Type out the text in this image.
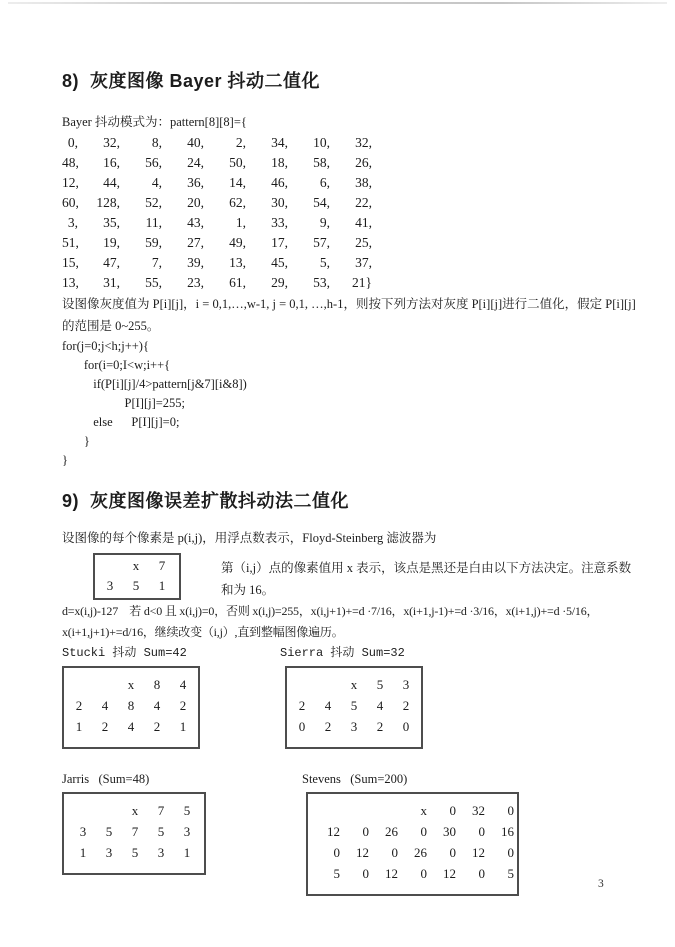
8)  灰度图像 Bayer 抖动二值化
Bayer 抖动模式为：pattern[8][8]={
0, 32, 8, 40, 2, 34, 10, 32,
48, 16, 56, 24, 50, 18, 58, 26,
12, 44, 4, 36, 14, 46, 6, 38,
60, 128, 52, 20, 62, 30, 54, 22,
3, 35, 11, 43, 1, 33, 9, 41,
51, 19, 59, 27, 49, 17, 57, 25,
15, 47, 7, 39, 13, 45, 5, 37,
13, 31, 55, 23, 61, 29, 53, 21}
设图像灰度值为 P[i][j]，i = 0,1,…,w-1, j = 0,1, …,h-1，则按下列方法对灰度 P[i][j]进行二值化，假定 P[i][j]
的范围是 0~255。
for(j=0;j<h;j++){
for(i=0;I<w;i++{
if(P[i][j]/4>pattern[j&7][i&8])
P[I][j]=255;
else      P[I][j]=0;
}
}
9)  灰度图像误差扩散抖动法二值化
设图像的每个像素是 p(i,j)，用浮点数表示，Floyd-Steinberg 滤波器为
x 7
3 5 1
第（i,j）点的像素值用 x 表示，该点是黑还是白由以下方法决定。注意系数
和为 16。
d=x(i,j)-127    若 d<0 且 x(i,j)=0，否则 x(i,j)=255，x(i,j+1)+=d ·7/16，x(i+1,j-1)+=d ·3/16，x(i+1,j)+=d ·5/16，
x(i+1,j+1)+=d/16，继续改变（i,j）,直到整幅图像遍历。
Stucki 抖动 Sum=42	Sierra 抖动 Sum=32
x 8 4
2 4 8 4 2
1 2 4 2 1
x 5 3
2 4 5 4 2
0 2 3 2 0
Jarris   (Sum=48)	Stevens   (Sum=200)
x 7 5
3 5 7 5 3
1 3 5 3 1
x 0 32 0
12 0 26 0 30 0 16
0 12 0 26 0 12 0
5 0 12 0 12 0 5
3
